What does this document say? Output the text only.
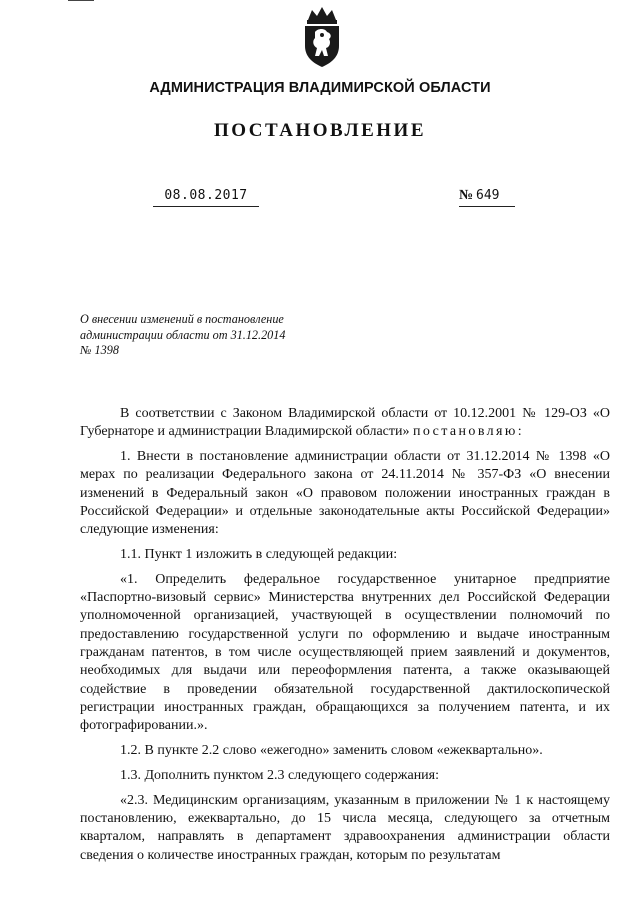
АДМИНИСТРАЦИЯ ВЛАДИМИРСКОЙ ОБЛАСТИ
ПОСТАНОВЛЕНИЕ
08.08.2017	№ 649
О внесении изменений в постановление
администрации области от 31.12.2014
№ 1398

В соответствии с Законом Владимирской области от 10.12.2001 № 129-ОЗ «О Губернаторе и администрации Владимирской области» постановляю:

1. Внести в постановление администрации области от 31.12.2014 № 1398 «О мерах по реализации Федерального закона от 24.11.2014 № 357-ФЗ «О внесении изменений в Федеральный закон «О правовом положении иностранных граждан в Российской Федерации» и отдельные законодательные акты Российской Федерации» следующие изменения:

1.1. Пункт 1 изложить в следующей редакции:

«1. Определить федеральное государственное унитарное предприятие «Паспортно-визовый сервис» Министерства внутренних дел Российской Федерации уполномоченной организацией, участвующей в осуществлении полномочий по предоставлению государственной услуги по оформлению и выдаче иностранным гражданам патентов, в том числе осуществляющей прием заявлений и документов, необходимых для выдачи или переоформления патента, а также оказывающей содействие в проведении обязательной государственной дактилоскопической регистрации иностранных граждан, обращающихся за получением патента, и их фотографировании.».

1.2. В пункте 2.2 слово «ежегодно» заменить словом «ежеквартально».

1.3. Дополнить пунктом 2.3 следующего содержания:

«2.3. Медицинским организациям, указанным в приложении № 1 к настоящему постановлению, ежеквартально, до 15 числа месяца, следующего за отчетным кварталом, направлять в департамент здравоохранения администрации области сведения о количестве иностранных граждан, которым по результатам
